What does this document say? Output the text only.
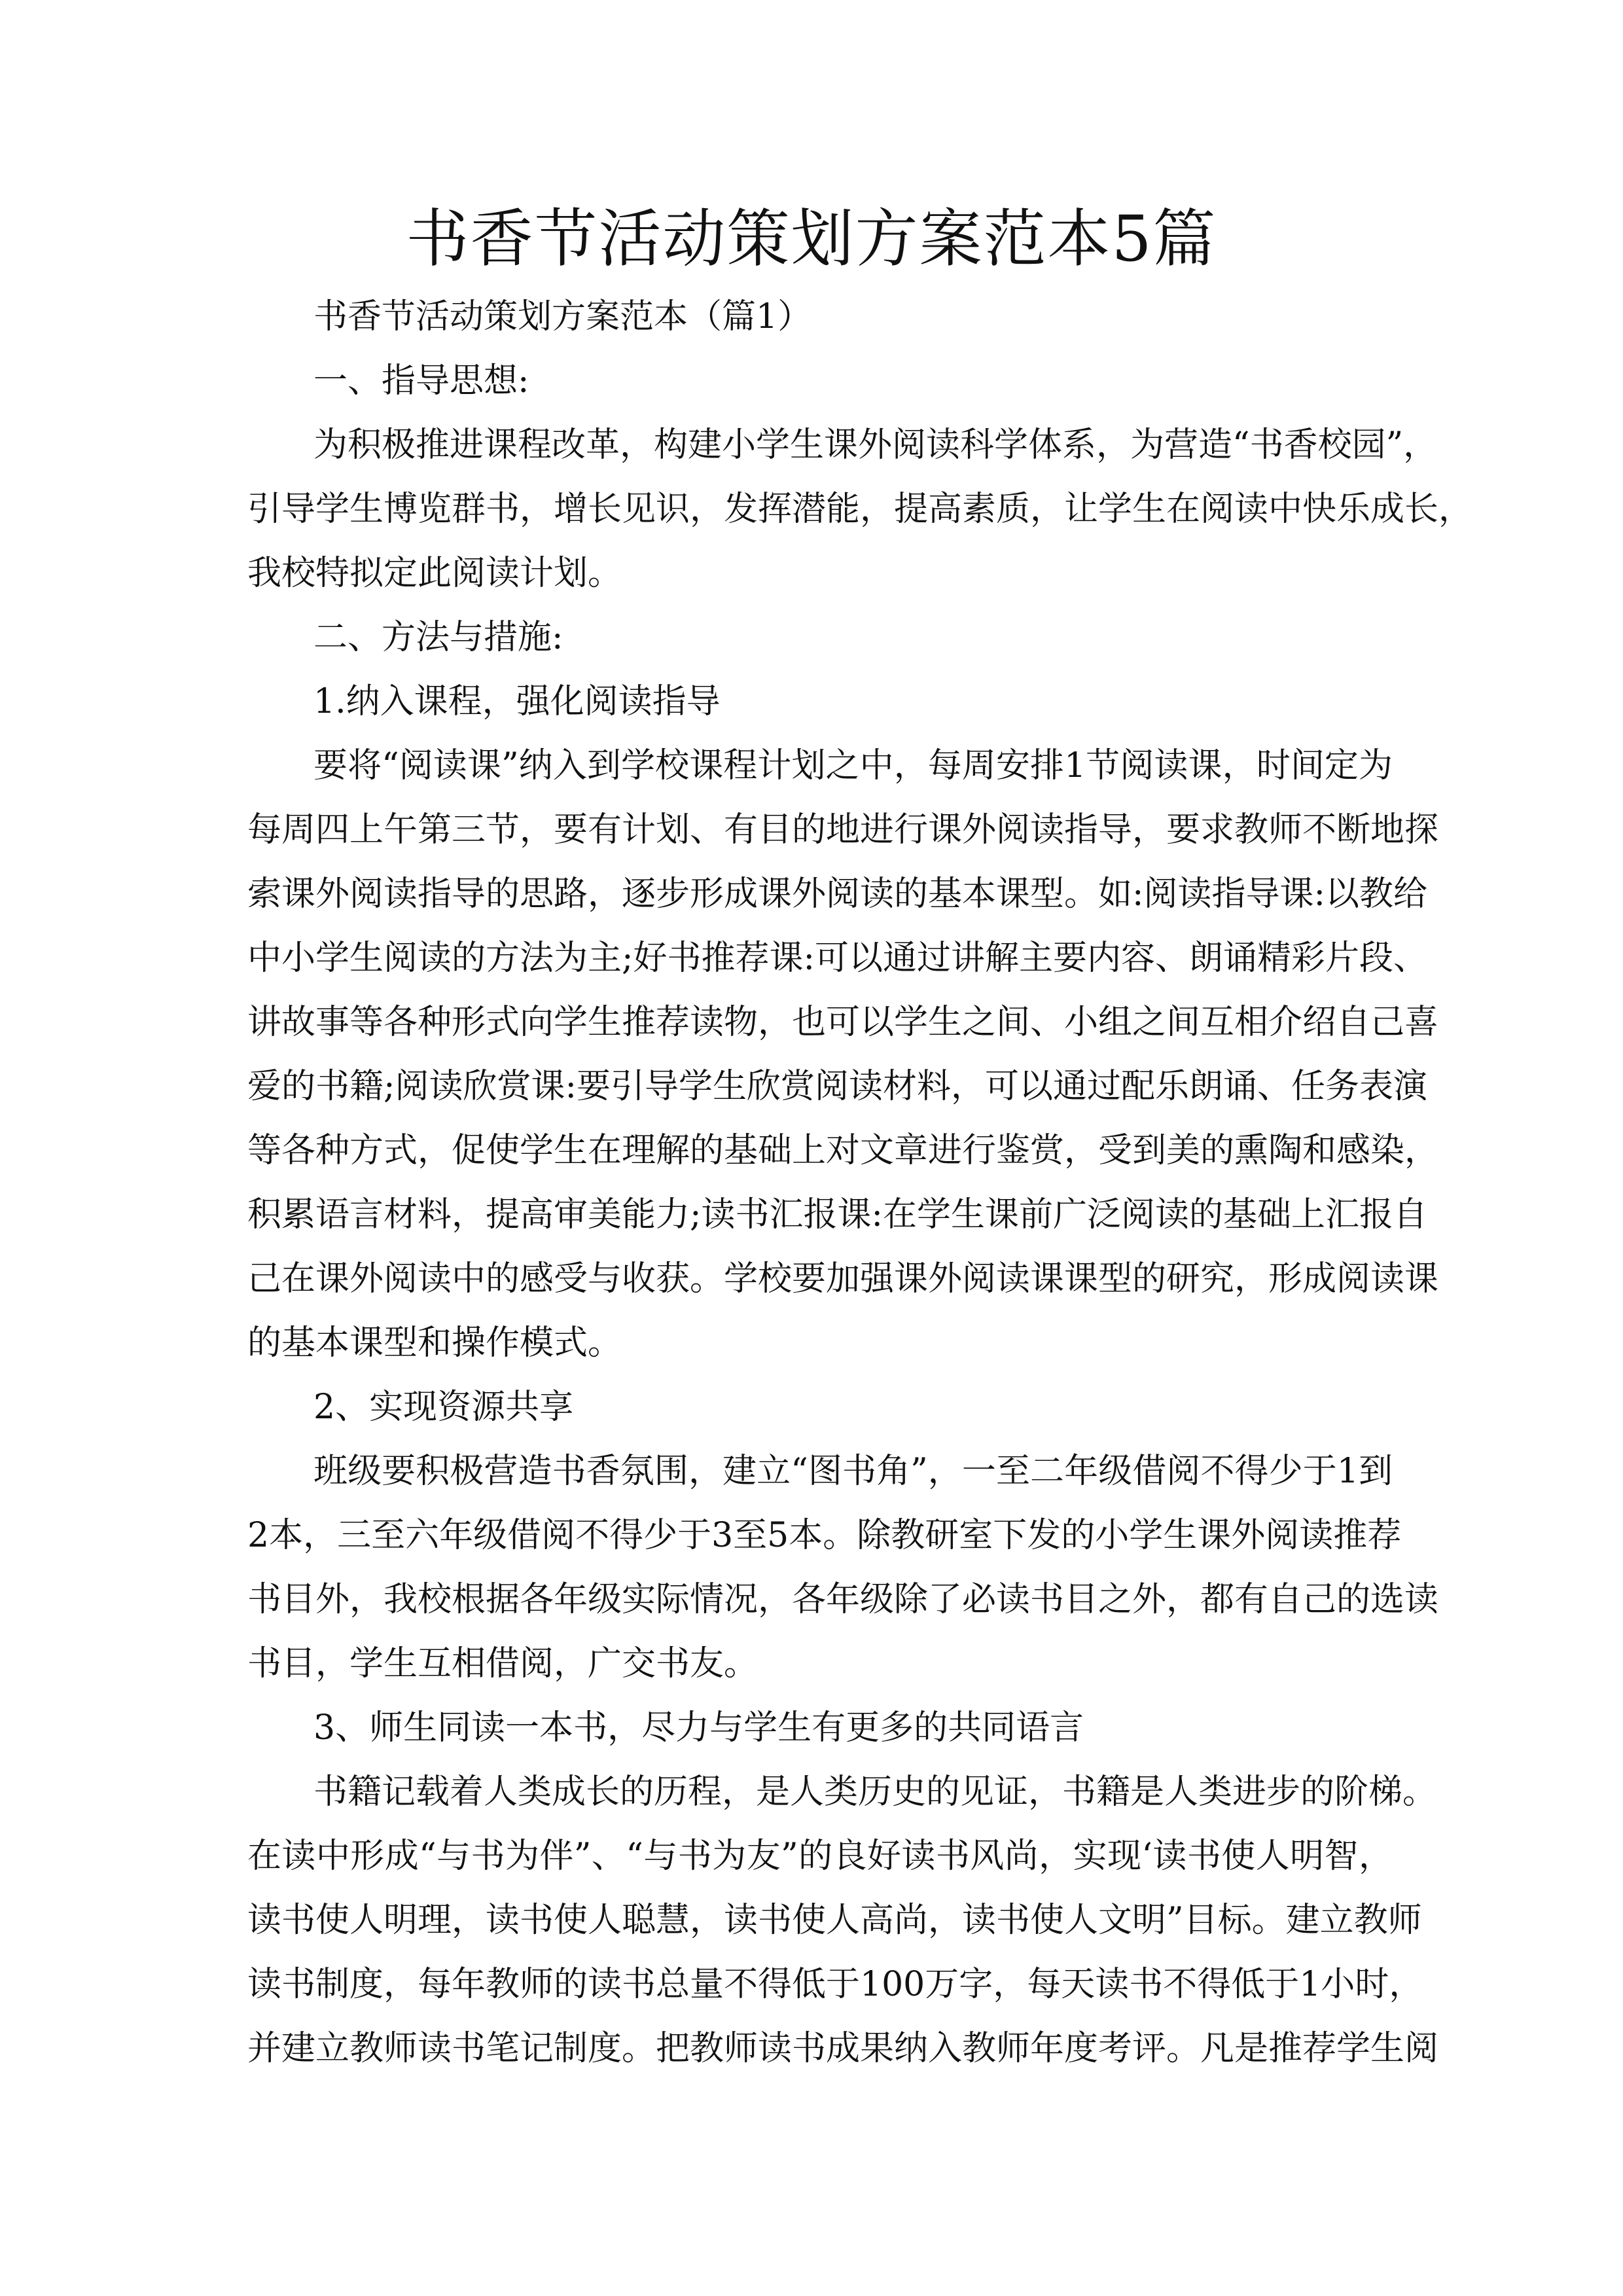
书香节活动策划方案范本5篇
书香节活动策划方案范本（篇1）
一、指导思想:
为积极推进课程改革，构建小学生课外阅读科学体系，为营造“书香校园”，
引导学生博览群书，增长见识，发挥潜能，提高素质，让学生在阅读中快乐成长，
我校特拟定此阅读计划。
二、方法与措施:
1.纳入课程，强化阅读指导
要将“阅读课”纳入到学校课程计划之中，每周安排1节阅读课，时间定为
每周四上午第三节，要有计划、有目的地进行课外阅读指导，要求教师不断地探
索课外阅读指导的思路，逐步形成课外阅读的基本课型。如:阅读指导课:以教给
中小学生阅读的方法为主;好书推荐课:可以通过讲解主要内容、朗诵精彩片段、
讲故事等各种形式向学生推荐读物，也可以学生之间、小组之间互相介绍自己喜
爱的书籍;阅读欣赏课:要引导学生欣赏阅读材料，可以通过配乐朗诵、任务表演
等各种方式，促使学生在理解的基础上对文章进行鉴赏，受到美的熏陶和感染，
积累语言材料，提高审美能力;读书汇报课:在学生课前广泛阅读的基础上汇报自
己在课外阅读中的感受与收获。学校要加强课外阅读课课型的研究，形成阅读课
的基本课型和操作模式。
2、实现资源共享
班级要积极营造书香氛围，建立“图书角”，一至二年级借阅不得少于1到
2本，三至六年级借阅不得少于3至5本。除教研室下发的小学生课外阅读推荐
书目外，我校根据各年级实际情况，各年级除了必读书目之外，都有自己的选读
书目，学生互相借阅，广交书友。
3、师生同读一本书，尽力与学生有更多的共同语言
书籍记载着人类成长的历程，是人类历史的见证，书籍是人类进步的阶梯。
在读中形成“与书为伴”、“与书为友”的良好读书风尚，实现‘读书使人明智，
读书使人明理，读书使人聪慧，读书使人高尚，读书使人文明”目标。建立教师
读书制度，每年教师的读书总量不得低于100万字，每天读书不得低于1小时，
并建立教师读书笔记制度。把教师读书成果纳入教师年度考评。凡是推荐学生阅
